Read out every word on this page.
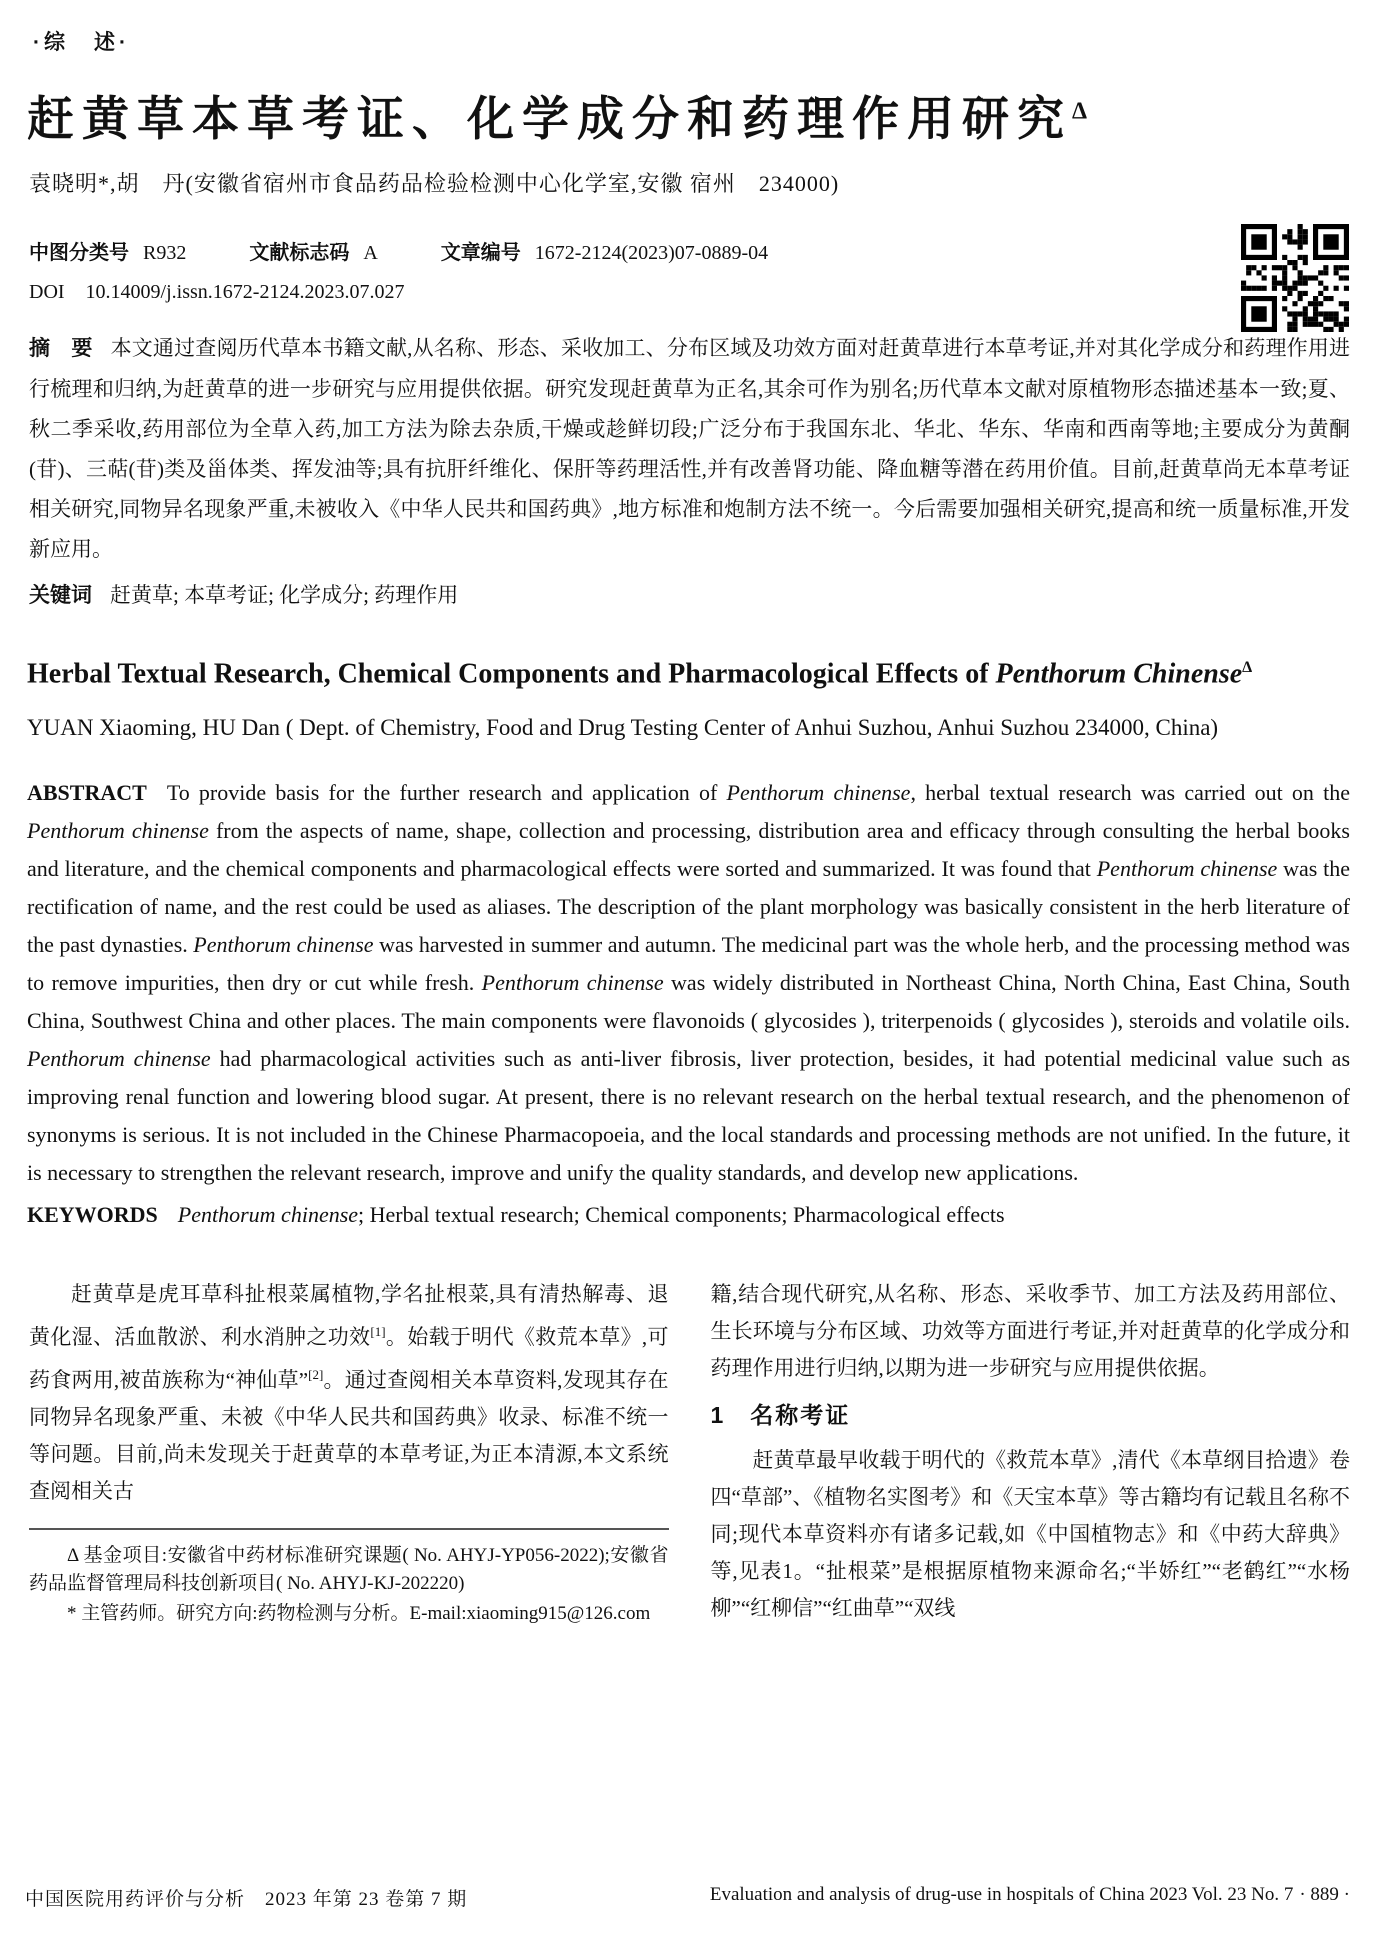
·综　述·
赶黄草本草考证、化学成分和药理作用研究$^\Delta$
袁晓明*,胡　丹(安徽省宿州市食品药品检验检测中心化学室,安徽 宿州　234000)
中图分类号 R932	文献标志码 A	文章编号 1672-2124(2023)07-0889-04
DOI 10.14009/j.issn.1672-2124.2023.07.027

摘　要 本文通过查阅历代草本书籍文献,从名称、形态、采收加工、分布区域及功效方面对赶黄草进行本草考证,并对其化学成分和药理作用进行梳理和归纳,为赶黄草的进一步研究与应用提供依据。研究发现赶黄草为正名,其余可作为别名;历代草本文献对原植物形态描述基本一致;夏、秋二季采收,药用部位为全草入药,加工方法为除去杂质,干燥或趁鲜切段;广泛分布于我国东北、华北、华东、华南和西南等地;主要成分为黄酮(苷)、三萜(苷)类及甾体类、挥发油等;具有抗肝纤维化、保肝等药理活性,并有改善肾功能、降血糖等潜在药用价值。目前,赶黄草尚无本草考证相关研究,同物异名现象严重,未被收入《中华人民共和国药典》,地方标准和炮制方法不统一。今后需要加强相关研究,提高和统一质量标准,开发新应用。

关键词 赶黄草; 本草考证; 化学成分; 药理作用

Herbal Textual Research, Chemical Components and Pharmacological Effects of Penthorum Chinense$^\Delta$
YUAN Xiaoming, HU Dan ( Dept. of Chemistry, Food and Drug Testing Center of Anhui Suzhou, Anhui Suzhou 234000, China)

ABSTRACT To provide basis for the further research and application of Penthorum chinense, herbal textual research was carried out on the Penthorum chinense from the aspects of name, shape, collection and processing, distribution area and efficacy through consulting the herbal books and literature, and the chemical components and pharmacological effects were sorted and summarized. It was found that Penthorum chinense was the rectification of name, and the rest could be used as aliases. The description of the plant morphology was basically consistent in the herb literature of the past dynasties. Penthorum chinense was harvested in summer and autumn. The medicinal part was the whole herb, and the processing method was to remove impurities, then dry or cut while fresh. Penthorum chinense was widely distributed in Northeast China, North China, East China, South China, Southwest China and other places. The main components were flavonoids ( glycosides ), triterpenoids ( glycosides ), steroids and volatile oils. Penthorum chinense had pharmacological activities such as anti-liver fibrosis, liver protection, besides, it had potential medicinal value such as improving renal function and lowering blood sugar. At present, there is no relevant research on the herbal textual research, and the phenomenon of synonyms is serious. It is not included in the Chinese Pharmacopoeia, and the local standards and processing methods are not unified. In the future, it is necessary to strengthen the relevant research, improve and unify the quality standards, and develop new applications.

KEYWORDS Penthorum chinense; Herbal textual research; Chemical components; Pharmacological effects

赶黄草是虎耳草科扯根菜属植物,学名扯根菜,具有清热解毒、退黄化湿、活血散淤、利水消肿之功效[1]。始载于明代《救荒本草》,可药食两用,被苗族称为“神仙草”[2]。通过查阅相关本草资料,发现其存在同物异名现象严重、未被《中华人民共和国药典》收录、标准不统一等问题。目前,尚未发现关于赶黄草的本草考证,为正本清源,本文系统查阅相关古

Δ 基金项目:安徽省中药材标准研究课题( No. AHYJ-YP056-2022);安徽省药品监督管理局科技创新项目( No. AHYJ-KJ-202220)

* 主管药师。研究方向:药物检测与分析。E-mail:xiaoming915@126.com

籍,结合现代研究,从名称、形态、采收季节、加工方法及药用部位、生长环境与分布区域、功效等方面进行考证,并对赶黄草的化学成分和药理作用进行归纳,以期为进一步研究与应用提供依据。

1　名称考证

赶黄草最早收载于明代的《救荒本草》,清代《本草纲目拾遗》卷四“草部”、《植物名实图考》和《天宝本草》等古籍均有记载且名称不同;现代本草资料亦有诸多记载,如《中国植物志》和《中药大辞典》等,见表1。“扯根菜”是根据原植物来源命名;“半娇红”“老鹤红”“水杨柳”“红柳信”“红曲草”“双线

中国医院用药评价与分析　2023 年第 23 卷第 7 期	Evaluation and analysis of drug-use in hospitals of China 2023 Vol. 23 No. 7 · 889 ·
